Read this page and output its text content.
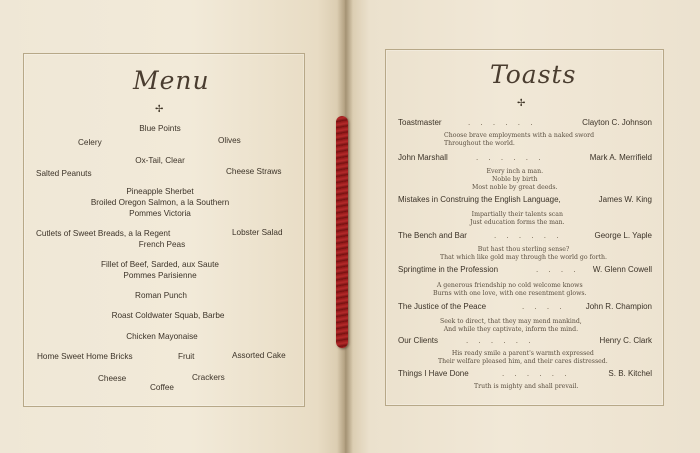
Menu
✢
Blue Points
Celery	Olives
Ox-Tail, Clear
Salted Peanuts	Cheese Straws
Pineapple Sherbet
Broiled Oregon Salmon, a la Southern
Pommes Victoria
Cutlets of Sweet Breads, a la Regent	Lobster Salad
French Peas
Fillet of Beef, Sarded, aux Saute
Pommes Parisienne
Roman Punch
Roast Coldwater Squab, Barbe
Chicken Mayonaise
Home Sweet Home Bricks	Fruit	Assorted Cake
Cheese	Crackers
Coffee
Toasts
✢
Toastmaster	. . . . . .	Clayton C. Johnson
Choose brave employments with a naked sword
Throughout the world.
John Marshall	. . . . . .	Mark A. Merrifield
Every inch a man.
Noble by birth
Most noble by great deeds.
Mistakes in Construing the English Language,	James W. King
Impartially their talents scan
Just education forms the man.
The Bench and Bar	. . . . . .	George L. Yaple
But hast thou sterling sense?
That which like gold may through the world go forth.
Springtime in the Profession	. . . . W. Glenn Cowell
A generous friendship no cold welcome knows
Burns with one love, with one resentment glows.
The Justice of the Peace	. . . .	John R. Champion
Seek to direct, that they may mend mankind,
And while they captivate, inform the mind.
Our Clients	. . . . . .	Henry C. Clark
His ready smile a parent's warmth expressed
Their welfare pleased him, and their cares distressed.
Things I Have Done	. . . . . .	S. B. Kitchel
Truth is mighty and shall prevail.
